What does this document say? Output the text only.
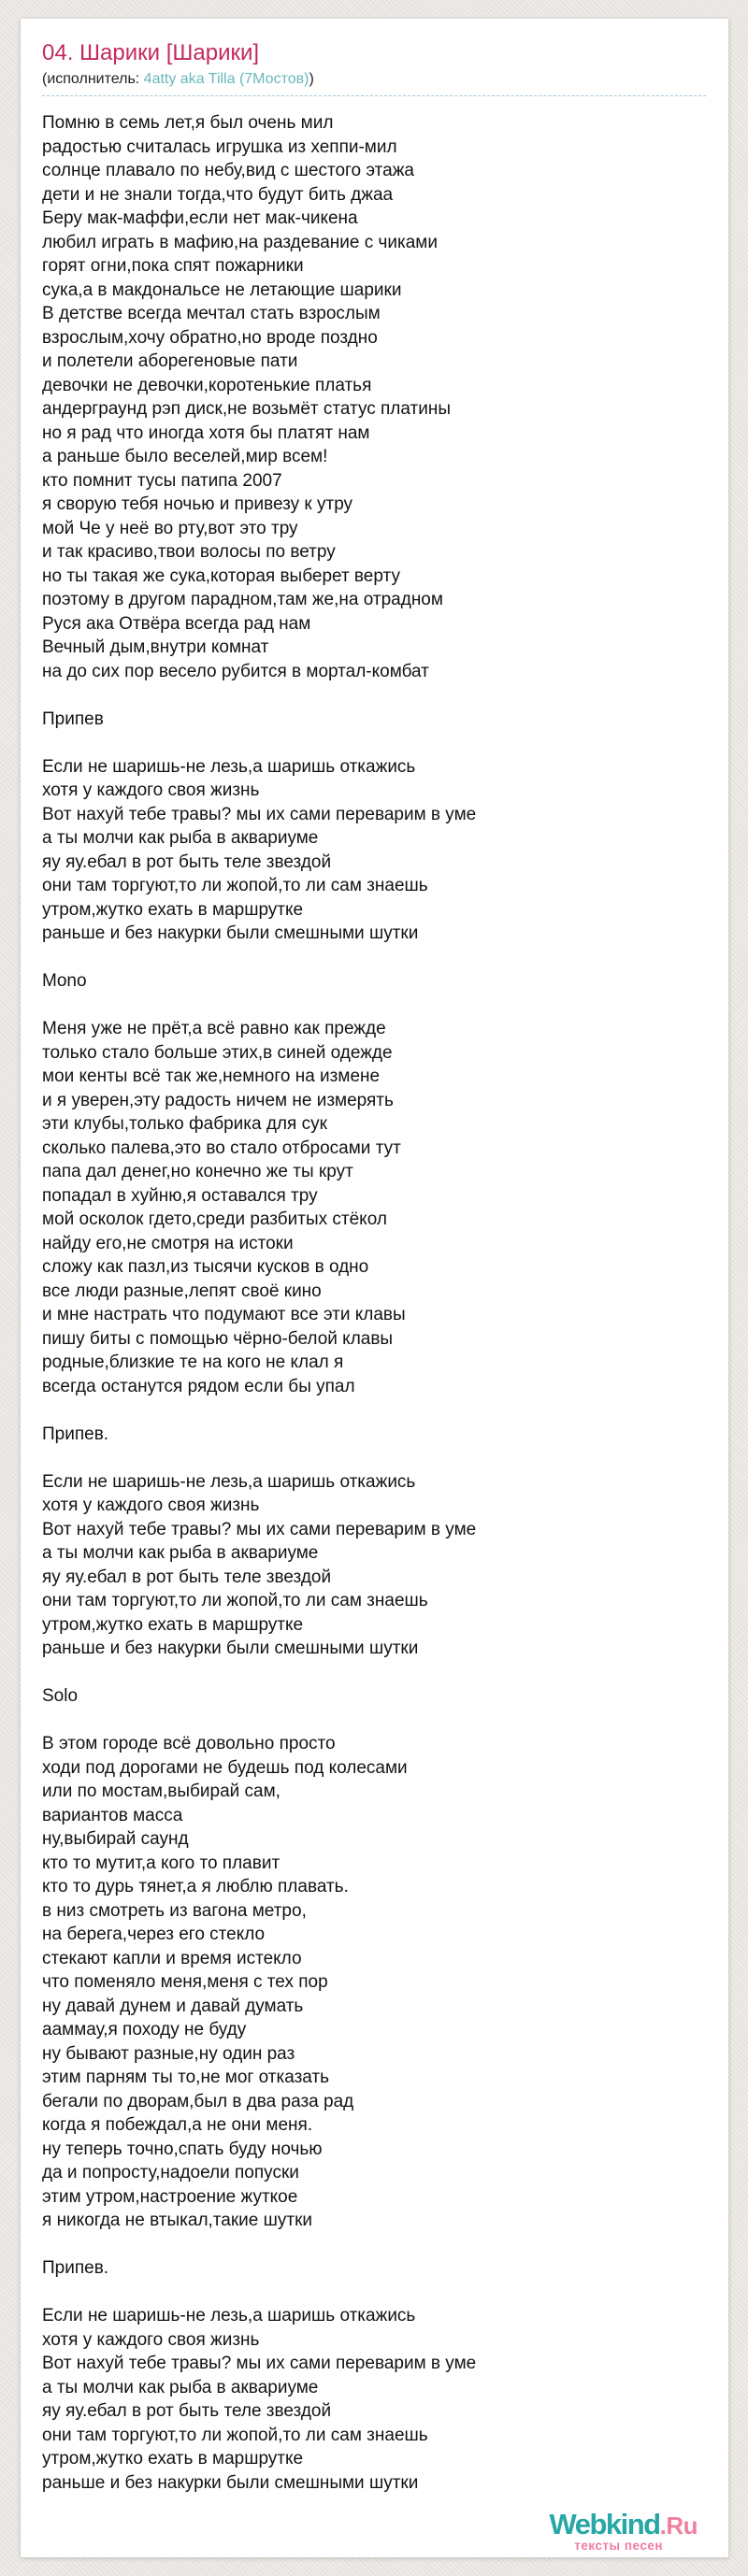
04. Шарики [Шарики]
(исполнитель: 4atty aka Tilla (7Мостов))
Помню в семь лет,я был очень мил
радостью считалась игрушка из хеппи-мил
солнце плавало по небу,вид с шестого этажа
дети и не знали тогда,что будут бить джаа
Беру мак-маффи,если нет мак-чикена
любил играть в мафию,на раздевание с чиками
горят огни,пока спят пожарники
сука,а в макдональсе не летающие шарики
В детстве всегда мечтал стать взрослым
взрослым,хочу обратно,но вроде поздно
и полетели аборегеновые пати
девочки не девочки,коротенькие платья
андерграунд рэп диск,не возьмёт статус платины
но я рад что иногда хотя бы платят нам
а раньше было веселей,мир всем!
кто помнит тусы патипа 2007
я сворую тебя ночью и привезу к утру
мой Че у неё во рту,вот это тру
и так красиво,твои волосы по ветру
но ты такая же сука,которая выберет верту
поэтому в другом парадном,там же,на отрадном
Руся ака Отвёра всегда рад нам
Вечный дым,внутри комнат
на до сих пор весело рубится в мортал-комбат
Припев
Если не шаришь-не лезь,а шаришь откажись
хотя у каждого своя жизнь
Вот нахуй тебе травы? мы их сами переварим в уме
а ты молчи как рыба в аквариуме
яу яу.ебал в рот быть теле звездой
они там торгуют,то ли жопой,то ли сам знаешь
утром,жутко ехать в маршрутке
раньше и без накурки были смешными шутки
Mono
Меня уже не прёт,а всё равно как прежде
только стало больше этих,в синей одежде
мои кенты всё так же,немного на измене
и я уверен,эту радость ничем не измерять
эти клубы,только фабрика для сук
сколько палева,это во стало отбросами тут
папа дал денег,но конечно же ты крут
попадал в хуйню,я оставался тру
мой осколок гдето,среди разбитых стёкол
найду его,не смотря на истоки
сложу как пазл,из тысячи кусков в одно
все люди разные,лепят своё кино
и мне настрать что подумают все эти клавы
пишу биты с помощью чёрно-белой клавы
родные,близкие те на кого не клал я
всегда останутся рядом если бы упал
Припев.
Если не шаришь-не лезь,а шаришь откажись
хотя у каждого своя жизнь
Вот нахуй тебе травы? мы их сами переварим в уме
а ты молчи как рыба в аквариуме
яу яу.ебал в рот быть теле звездой
они там торгуют,то ли жопой,то ли сам знаешь
утром,жутко ехать в маршрутке
раньше и без накурки были смешными шутки
Solo
В этом городе всё довольно просто
ходи под дорогами не будешь под колесами
или по мостам,выбирай сам,
вариантов масса
ну,выбирай саунд
кто то мутит,а кого то плавит
кто то дурь тянет,а я люблю плавать.
в низ смотреть из вагона метро,
на берега,через его стекло
стекают капли и время истекло
что поменяло меня,меня с тех пор
ну давай дунем и давай думать
ааммау,я походу не буду
ну бывают разные,ну один раз
этим парням ты то,не мог отказать
бегали по дворам,был в два раза рад
когда я побеждал,а не они меня.
ну теперь точно,спать буду ночью
да и попросту,надоели попуски
этим утром,настроение жуткое
я никогда не втыкал,такие шутки
Припев.
Если не шаришь-не лезь,а шаришь откажись
хотя у каждого своя жизнь
Вот нахуй тебе травы? мы их сами переварим в уме
а ты молчи как рыба в аквариуме
яу яу.ебал в рот быть теле звездой
они там торгуют,то ли жопой,то ли сам знаешь
утром,жутко ехать в маршрутке
раньше и без накурки были смешными шутки
Webkind.Ru
тексты песен
